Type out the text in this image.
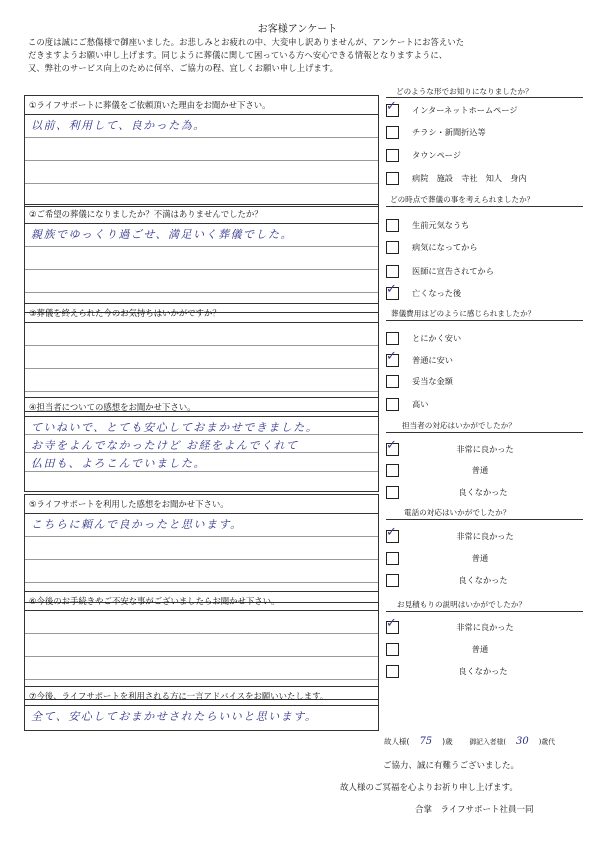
お客様アンケート
この度は誠にご愁傷様で御座いました。お悲しみとお疲れの中、大変申し訳ありませんが、アンケートにお答えいた
だきますようお願い申し上げます。同じように葬儀に関して困っている方へ安心できる情報となりますように、
又、弊社のサービス向上のために何卒、ご協力の程、宜しくお願い申し上げます。
①ライフサポートに葬儀をご依頼頂いた理由をお聞かせ下さい。
以前、利用して、良かった為。
②ご希望の葬儀になりましたか？不満はありませんでしたか？
親族でゆっくり過ごせ、満足いく葬儀でした。
③葬儀を終えられた今のお気持ちはいかがですか？
④担当者についての感想をお聞かせ下さい。
ていねいで、とても安心しておまかせできました。
お寺をよんでなかったけど お経をよんでくれて
仏田も、よろこんでいました。
⑤ライフサポートを利用した感想をお聞かせ下さい。
こちらに頼んで良かったと思います。
⑥今後のお手続きやご不安な事がございましたらお聞かせ下さい。
⑦今後、ライフサポートを利用される方に一言アドバイスをお願いいたします。
全て、安心しておまかせされたらいいと思います。
どのような形でお知りになりましたか？
✓ インターネットホームページ
チラシ・新聞折込等
タウンページ
病院　施設　寺社　知人　身内
どの時点で葬儀の事を考えられましたか？
生前元気なうち
病気になってから
医師に宣告されてから
✓ 亡くなった後
葬儀費用はどのように感じられましたか？
とにかく安い
✓ 普通に安い
妥当な金額
高い
担当者の対応はいかがでしたか？
✓	非常に良かった
普通
良くなかった
電話の対応はいかがでしたか？
✓	非常に良かった
普通
良くなかった
お見積もりの説明はいかがでしたか？
✓	非常に良かった
普通
良くなかった
故人様( 75 )歳 御記入者様( 30 )歳代
ご協力、誠に有難うございました。
故人様のご冥福を心よりお祈り申し上げます。
合掌　ライフサポート社員一同
